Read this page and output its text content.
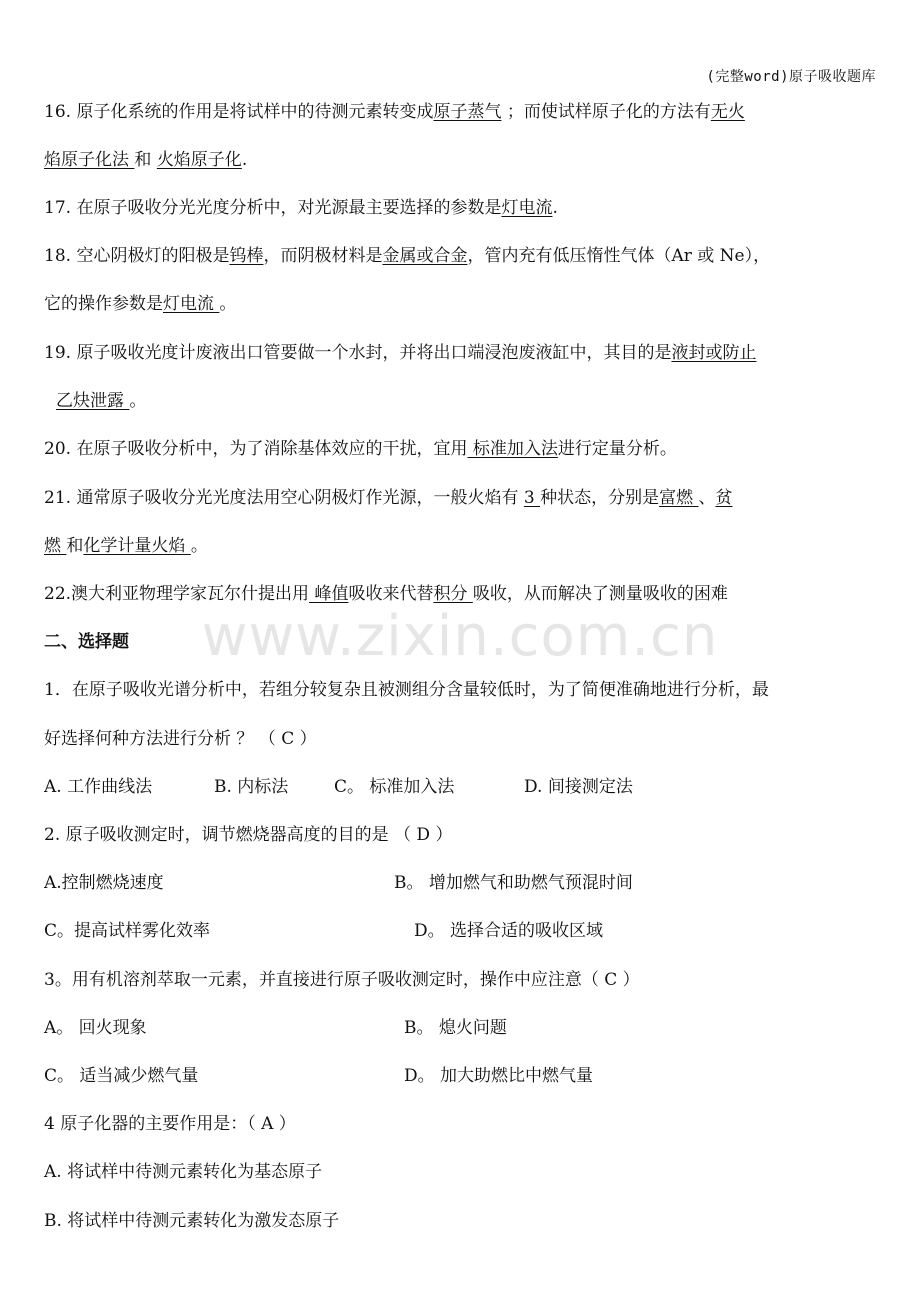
(完整word)原子吸收题库
www.zixin.com.cn
16. 原子化系统的作用是将试样中的待测元素转变成原子蒸气 ；而使试样原子化的方法有无火
焰原子化法 和 火焰原子化.
17. 在原子吸收分光光度分析中，对光源最主要选择的参数是灯电流.
18. 空心阴极灯的阳极是钨棒，而阴极材料是金属或合金，管内充有低压惰性气体（Ar 或 Ne），
它的操作参数是灯电流 。
19. 原子吸收光度计废液出口管要做一个水封，并将出口端浸泡废液缸中，其目的是液封或防止
乙炔泄露 。
20. 在原子吸收分析中，为了消除基体效应的干扰，宜用 标准加入法进行定量分析。
21. 通常原子吸收分光光度法用空心阴极灯作光源，一般火焰有 3 种状态，分别是富燃 、贫
燃 和化学计量火焰 。
22.澳大利亚物理学家瓦尔什提出用 峰值吸收来代替积分 吸收，从而解决了测量吸收的困难
二、选择题
1．在原子吸收光谱分析中，若组分较复杂且被测组分含量较低时，为了简便准确地进行分析，最
好选择何种方法进行分析 ？ （ C ）
A. 工作曲线法	B. 内标法	C。 标准加入法	D. 间接测定法
2. 原子吸收测定时，调节燃烧器高度的目的是 （ D ）
A.控制燃烧速度	B。 增加燃气和助燃气预混时间
C。提高试样雾化效率	D。 选择合适的吸收区域
3。用有机溶剂萃取一元素，并直接进行原子吸收测定时，操作中应注意（ C ）
A。 回火现象	B。 熄火问题
C。 适当减少燃气量	D。 加大助燃比中燃气量
4 原子化器的主要作用是：（ A ）
A. 将试样中待测元素转化为基态原子
B. 将试样中待测元素转化为激发态原子
